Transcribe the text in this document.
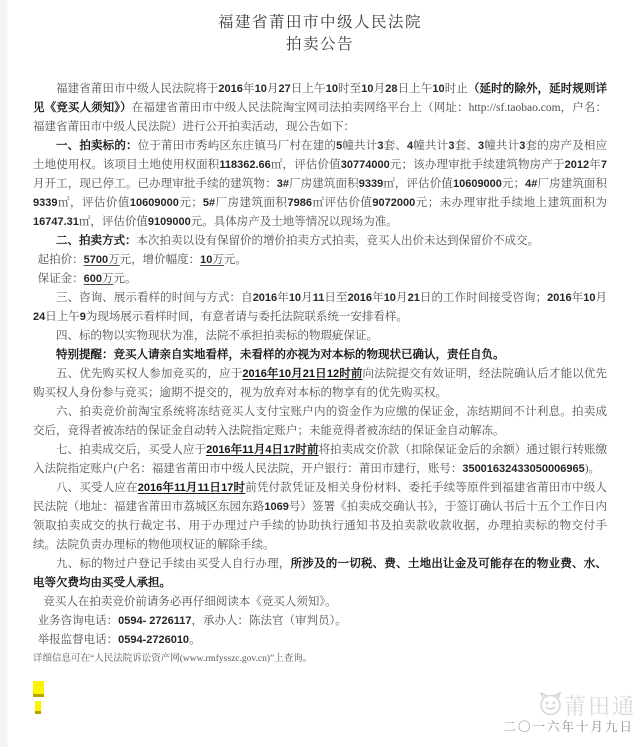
福建省莆田市中级人民法院
拍卖公告

福建省莆田市中级人民法院将于2016年10月27日上午10时至10月28日上午10时止（延时的除外，延时规则详见《竞买人须知》）在福建省莆田市中级人民法院淘宝网司法拍卖网络平台上（网址：http://sf.taobao.com，户名：福建省莆田市中级人民法院）进行公开拍卖活动，现公告如下：

一、拍卖标的：位于莆田市秀屿区东庄镇马厂村在建的5幢共计3套、4幢共计3套、3幢共计3套的房产及相应土地使用权。该项目土地使用权面积118362.66㎡，评估价值30774000元；该办理审批手续建筑物房产于2012年7月开工，现已停工。已办理审批手续的建筑物：3#厂房建筑面积9339㎡，评估价值10609000元；4#厂房建筑面积9339㎡，评估价值10609000元；5#厂房建筑面积7986㎡评估价值9072000元；未办理审批手续地上建筑面积为16747.31㎡，评估价值9109000元。具体房产及土地等情况以现场为准。

二、拍卖方式：本次拍卖以设有保留价的增价拍卖方式拍卖，竞买人出价未达到保留价不成交。

起拍价：5700万元，增价幅度：10万元。

保证金：600万元。

三、咨询、展示看样的时间与方式：自2016年10月11日至2016年10月21日的工作时间接受咨询；2016年10月24日上午9为现场展示看样时间，有意者请与委托法院联系统一安排看样。

四、标的物以实物现状为准，法院不承担拍卖标的物瑕疵保证。

特别提醒：竞买人请亲自实地看样，未看样的亦视为对本标的物现状已确认，责任自负。

五、优先购买权人参加竞买的，应于2016年10月21日12时前向法院提交有效证明，经法院确认后才能以优先购买权人身份参与竞买；逾期不提交的，视为放弃对本标的物享有的优先购买权。

六、拍卖竞价前淘宝系统将冻结竞买人支付宝账户内的资金作为应缴的保证金，冻结期间不计利息。拍卖成交后，竞得者被冻结的保证金自动转入法院指定账户；未能竞得者被冻结的保证金自动解冻。

七、拍卖成交后，买受人应于2016年11月4日17时前将拍卖成交价款（扣除保证金后的余额）通过银行转账缴入法院指定账户(户名：福建省莆田市中级人民法院，开户银行：莆田市建行，账号：35001632433050006965)。

八、买受人应在2016年11月11日17时前凭付款凭证及相关身份材料、委托手续等原件到福建省莆田市中级人民法院（地址：福建省莆田市荔城区东园东路1069号）签署《拍卖成交确认书》，于签订确认书后十五个工作日内领取拍卖成交的执行裁定书、用于办理过户手续的协助执行通知书及拍卖款收款收据，办理拍卖标的物交付手续。法院负责办理标的物他项权证的解除手续。

九、标的物过户登记手续由买受人自行办理，所涉及的一切税、费、土地出让金及可能存在的物业费、水、电等欠费均由买受人承担。

竞买人在拍卖竞价前请务必再仔细阅读本《竞买人须知》。

业务咨询电话：0594- 2726117，承办人：陈法官（审判员）。

举报监督电话：0594-2726010。

详细信息可在“人民法院诉讼资产网(www.rmfysszc.gov.cn)”上查询。

莆田通
二〇一六年十月九日
